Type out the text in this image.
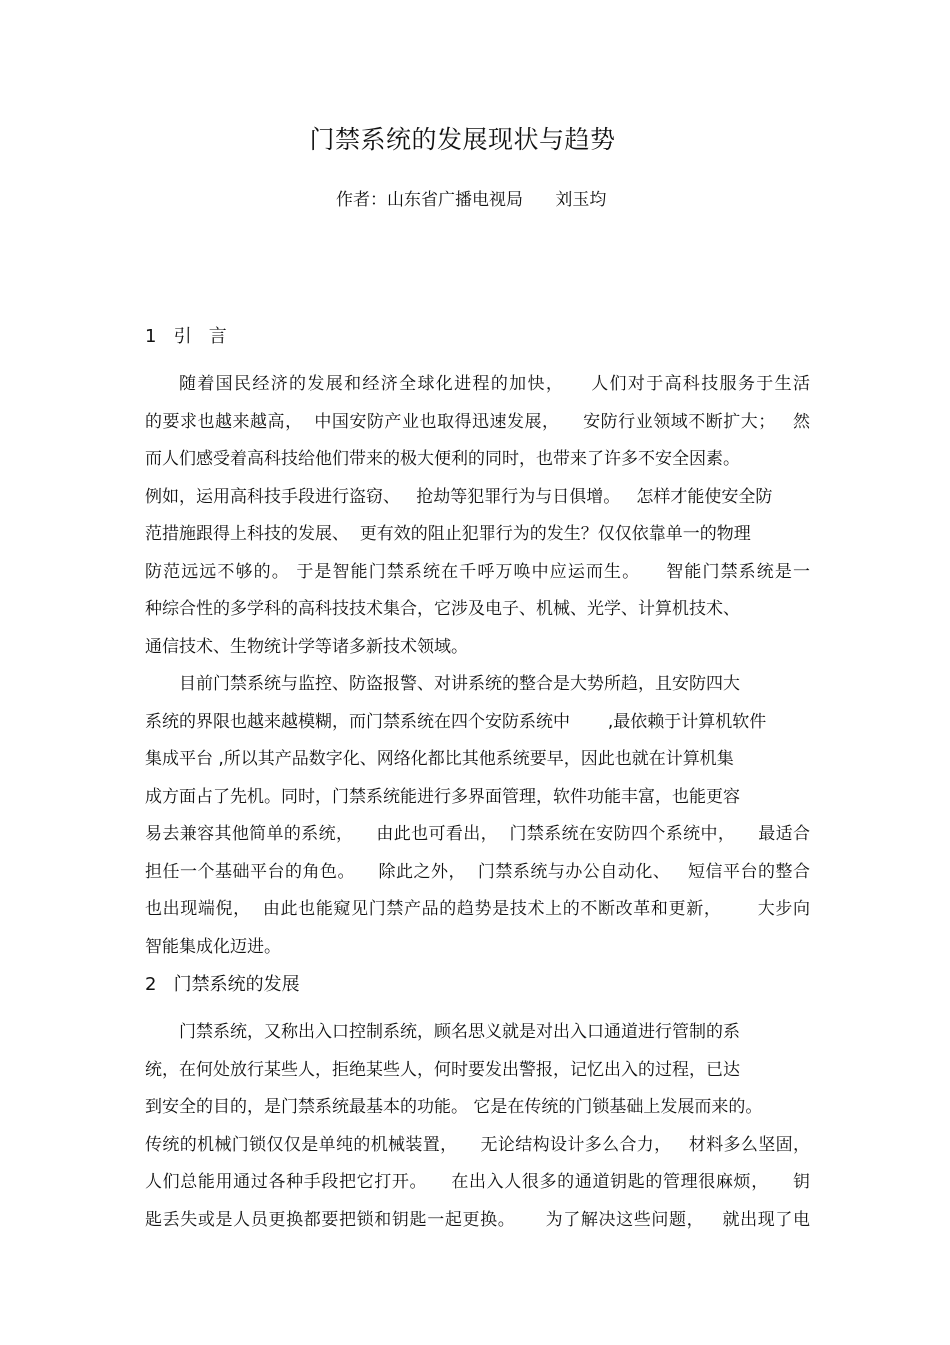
门禁系统的发展现状与趋势
作者：山东省广播电视局      刘玉均
1   引   言
随着国民经济的发展和经济全球化进程的加快，    人们对于高科技服务于生活
的要求也越来越高，  中国安防产业也取得迅速发展，    安防行业领域不断扩大；   然
而人们感受着高科技给他们带来的极大便利的同时，也带来了许多不安全因素。
例如，运用高科技手段进行盗窃、   抢劫等犯罪行为与日俱增。   怎样才能使安全防
范措施跟得上科技的发展、  更有效的阻止犯罪行为的发生？仅仅依靠单一的物理
防范远远不够的。 于是智能门禁系统在千呼万唤中应运而生。    智能门禁系统是一
种综合性的多学科的高科技技术集合，它涉及电子、机械、光学、计算机技术、
通信技术、生物统计学等诸多新技术领域。
目前门禁系统与监控、防盗报警、对讲系统的整合是大势所趋，且安防四大
系统的界限也越来越模糊，而门禁系统在四个安防系统中       ,最依赖于计算机软件
集成平台 ,所以其产品数字化、网络化都比其他系统要早，因此也就在计算机集
成方面占了先机。同时，门禁系统能进行多界面管理，软件功能丰富，也能更容
易去兼容其他简单的系统，    由此也可看出，  门禁系统在安防四个系统中，    最适合
担任一个基础平台的角色。    除此之外，  门禁系统与办公自动化、   短信平台的整合
也出现端倪，  由此也能窥见门禁产品的趋势是技术上的不断改革和更新，      大步向
智能集成化迈进。
2   门禁系统的发展
门禁系统，又称出入口控制系统，顾名思义就是对出入口通道进行管制的系
统，在何处放行某些人，拒绝某些人，何时要发出警报，记忆出入的过程，已达
到安全的目的，是门禁系统最基本的功能。 它是在传统的门锁基础上发展而来的。
传统的机械门锁仅仅是单纯的机械装置，    无论结构设计多么合力，   材料多么坚固，
人们总能用通过各种手段把它打开。    在出入人很多的通道钥匙的管理很麻烦，    钥
匙丢失或是人员更换都要把锁和钥匙一起更换。     为了解决这些问题，   就出现了电
